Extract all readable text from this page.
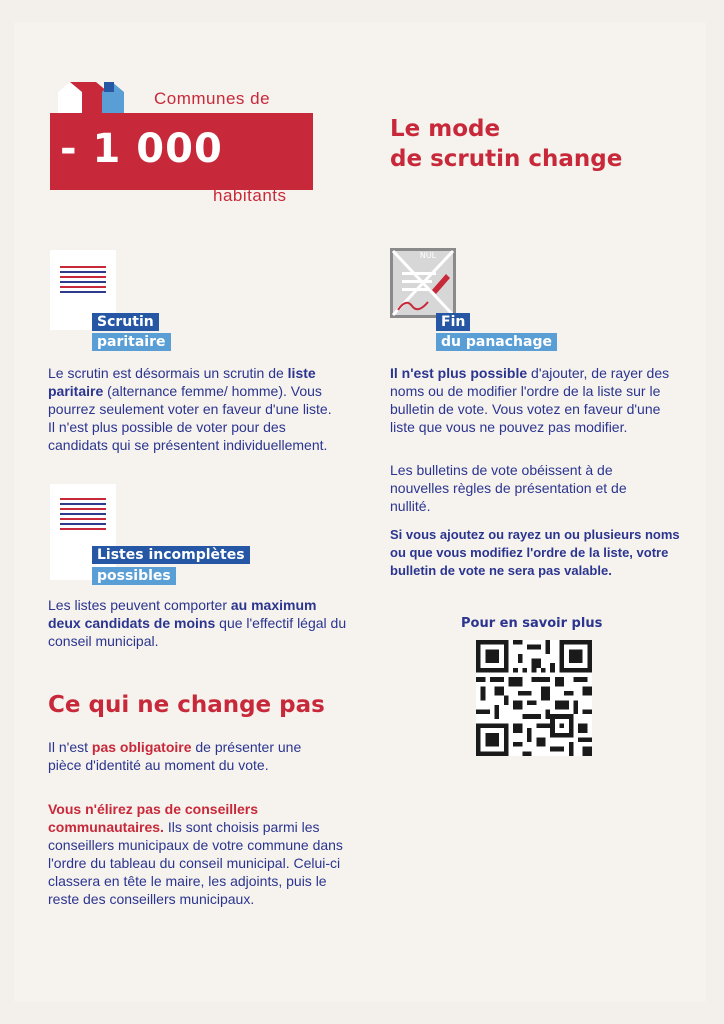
Communes de
- 1 000
habitants
Le mode
de scrutin change
Scrutin
paritaire
Le scrutin est désormais un scrutin de liste paritaire (alternance femme/ homme). Vous pourrez seulement voter en faveur d'une liste. Il n'est plus possible de voter pour des candidats qui se présentent individuellement.
Listes incomplètes
possibles
Les listes peuvent comporter au maximum deux candidats de moins que l'effectif légal du conseil municipal.
Ce qui ne change pas
Il n'est pas obligatoire de présenter une pièce d'identité au moment du vote.
Vous n'élirez pas de conseillers communautaires. Ils sont choisis parmi les conseillers municipaux de votre commune dans l'ordre du tableau du conseil municipal. Celui-ci classera en tête le maire, les adjoints, puis le reste des conseillers municipaux.
NUL
Fin
du panachage
Il n'est plus possible d'ajouter, de rayer des noms ou de modifier l'ordre de la liste sur le bulletin de vote. Vous votez en faveur d'une liste que vous ne pouvez pas modifier.
Les bulletins de vote obéissent à de nouvelles règles de présentation et de nullité.
Si vous ajoutez ou rayez un ou plusieurs noms ou que vous modifiez l'ordre de la liste, votre bulletin de vote ne sera pas valable.
Pour en savoir plus
